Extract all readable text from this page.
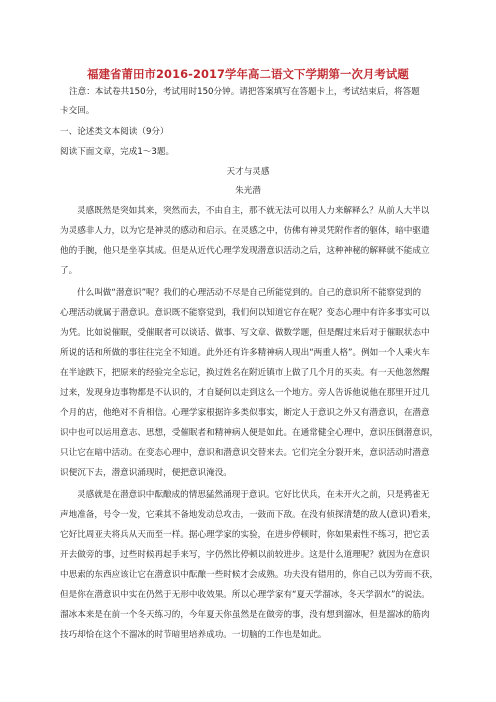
福建省莆田市2016-2017学年高二语文下学期第一次月考试题
注意：本试卷共150分，考试用时150分钟。请把答案填写在答题卡上，考试结束后，将答题
卡交回。
一、论述类文本阅读（9分）
阅读下面文章，完成1～3题。
天才与灵感
朱光潜
灵感既然是突如其来，突然而去，不由自主，那不就无法可以用人力来解释么？从前人大半以
为灵感非人力，以为它是神灵的感动和启示。在灵感之中，仿佛有神灵凭附作者的躯体，暗中驱遣
他的手腕，他只是坐享其成。但是从近代心理学发现潜意识活动之后，这种神秘的解释就不能成立
了。
什么叫做“潜意识”呢？我们的心理活动不尽是自己所能觉到的。自己的意识所不能察觉到的
心理活动就属于潜意识。意识既不能察觉到，我们何以知道它存在呢？变态心理中有许多事实可以
为凭。比如说催眠，受催眠者可以谈话、做事、写文章、做数学题，但是醒过来后对于催眠状态中
所说的话和所做的事往往完全不知道。此外还有许多精神病人现出“两重人格”。例如一个人乘火车
在半途跌下，把原来的经验完全忘记，换过姓名在附近镇市上做了几个月的买卖。有一天他忽然醒
过来，发现身边事物都是不认识的，才自疑何以走到这么一个地方。旁人告诉他说他在那里开过几
个月的店，他绝对不肯相信。心理学家根据许多类似事实，断定人于意识之外又有潜意识，在潜意
识中也可以运用意志、思想，受催眠者和精神病人便是如此。在通常健全心理中，意识压倒潜意识，
只让它在暗中活动。在变态心理中，意识和潜意识交替来去。它们完全分裂开来，意识活动时潜意
识便沉下去，潜意识涌现时，便把意识淹没。
灵感就是在潜意识中酝酿成的情思猛然涌现于意识。它好比伏兵，在未开火之前，只是鸦雀无
声地准备，号令一发，它乘其不备地发动总攻击，一鼓而下敌。在没有侦探清楚的敌人(意识)看来，
它好比周亚夫将兵从天而至一样。据心理学家的实验，在进步停顿时，你如果索性不练习，把它丢
开去做旁的事，过些时候再起手来写，字仍然比停顿以前较进步。这是什么道理呢？就因为在意识
中思索的东西应该让它在潜意识中酝酿一些时候才会成熟。功夫没有错用的，你自己以为劳而不获，
但是你在潜意识中实在仍然于无形中收效果。所以心理学家有“夏天学溜冰，冬天学泅水”的说法。
溜冰本来是在前一个冬天练习的，今年夏天你虽然是在做旁的事，没有想到溜冰，但是溜冰的筋肉
技巧却恰在这个不溜冰的时节暗里培养成功。一切脑的工作也是如此。
